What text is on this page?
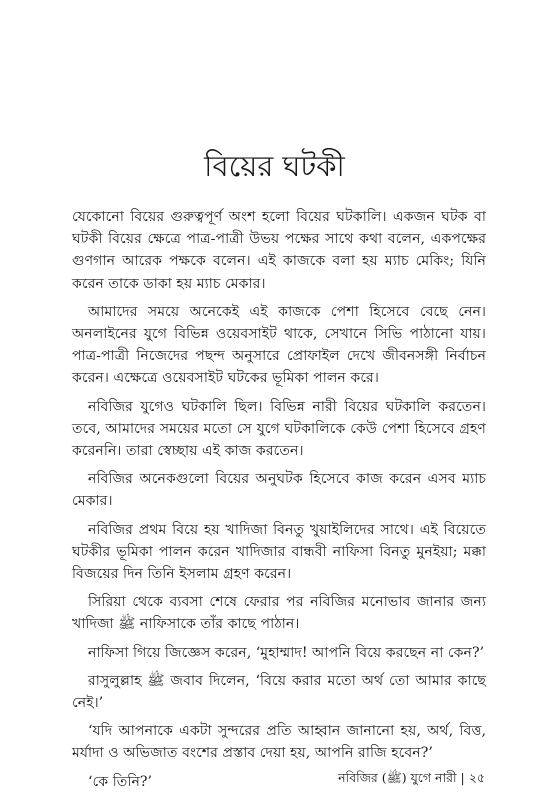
বিয়ের ঘটকী

যেকোনো বিয়ের গুরুত্বপূর্ণ অংশ হলো বিয়ের ঘটকালি। একজন ঘটক বা ঘটকী বিয়ের ক্ষেত্রে পাত্র-পাত্রী উভয় পক্ষের সাথে কথা বলেন, একপক্ষের গুণগান আরেক পক্ষকে বলেন। এই কাজকে বলা হয় ম্যাচ মেকিং; যিনি করেন তাকে ডাকা হয় ম্যাচ মেকার।

আমাদের সময়ে অনেকেই এই কাজকে পেশা হিসেবে বেছে নেন। অনলাইনের যুগে বিভিন্ন ওয়েবসাইট থাকে, সেখানে সিভি পাঠানো যায়। পাত্র-পাত্রী নিজেদের পছন্দ অনুসারে প্রোফাইল দেখে জীবনসঙ্গী নির্বাচন করেন। এক্ষেত্রে ওয়েবসাইট ঘটকের ভূমিকা পালন করে।

নবিজির যুগেও ঘটকালি ছিল। বিভিন্ন নারী বিয়ের ঘটকালি করতেন। তবে, আমাদের সময়ের মতো সে যুগে ঘটকালিকে কেউ পেশা হিসেবে গ্রহণ করেননি। তারা স্বেচ্ছায় এই কাজ করতেন।

নবিজির অনেকগুলো বিয়ের অনুঘটক হিসেবে কাজ করেন এসব ম্যাচ মেকার।

নবিজির প্রথম বিয়ে হয় খাদিজা বিনতু খুয়াইলিদের সাথে। এই বিয়েতে ঘটকীর ভূমিকা পালন করেন খাদিজার বান্ধবী নাফিসা বিনতু মুনইয়া; মক্কা বিজয়ের দিন তিনি ইসলাম গ্রহণ করেন।

সিরিয়া থেকে ব্যবসা শেষে ফেরার পর নবিজির মনোভাব জানার জন্য খাদিজা ﷺ নাফিসাকে তাঁর কাছে পাঠান।

নাফিসা গিয়ে জিজ্ঞেস করেন, ‘মুহাম্মাদ! আপনি বিয়ে করছেন না কেন?’

রাসুলুল্লাহ ﷺ জবাব দিলেন, ‘বিয়ে করার মতো অর্থ তো আমার কাছে নেই।’

‘যদি আপনাকে একটা সুন্দরের প্রতি আহ্বান জানানো হয়, অর্থ, বিত্ত, মর্যাদা ও অভিজাত বংশের প্রস্তাব দেয়া হয়, আপনি রাজি হবেন?’

‘কে তিনি?’	নবিজির (ﷺ) যুগে নারী | ২৫
